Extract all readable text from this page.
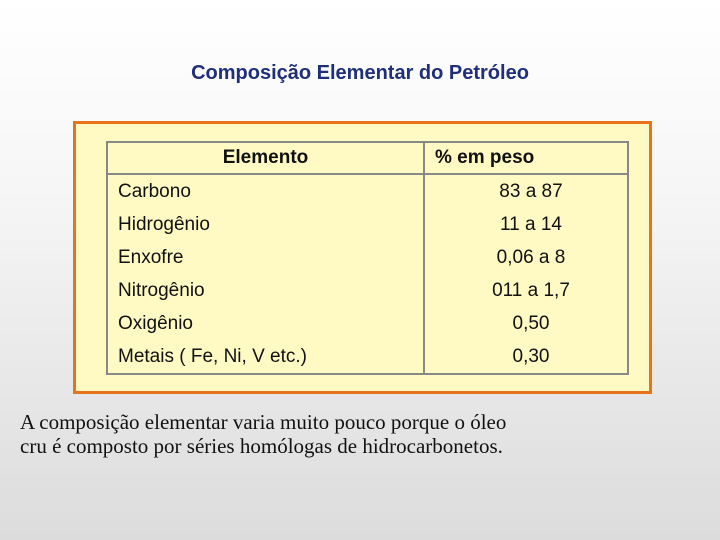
Composição Elementar do Petróleo
Elemento	% em peso
Carbono	83 a 87
Hidrogênio	11 a 14
Enxofre	0,06 a 8
Nitrogênio	011 a 1,7
Oxigênio	0,50
Metais ( Fe, Ni, V etc.)	0,30
A composição elementar varia muito pouco porque o óleo
cru é composto por séries homólogas de hidrocarbonetos.
